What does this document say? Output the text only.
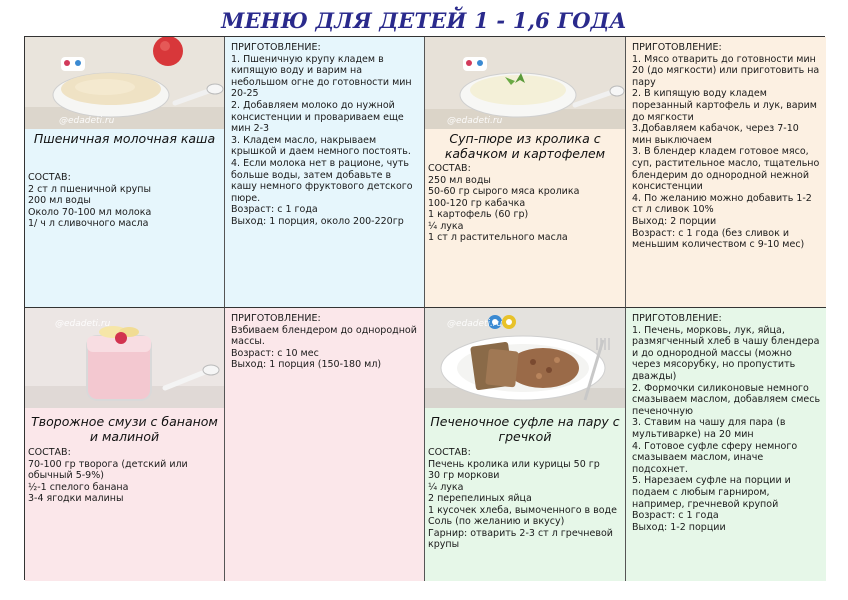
МЕНЮ ДЛЯ ДЕТЕЙ 1 - 1,6 ГОДА
@edadeti.ru
Пшеничная молочная каша
СОСТАВ:
2 ст л пшеничной крупы
200 мл воды
Около 70-100 мл молока
1/ ч л сливочного масла
ПРИГОТОВЛЕНИЕ:
1. Пшеничную крупу кладем в кипящую воду и варим на небольшом огне до готовности мин 20-25
2. Добавляем молоко до нужной консистенции и провариваем еще мин 2-3
3. Кладем масло, накрываем крышкой и даем немного постоять.
4. Если молока нет в рационе, чуть больше воды, затем добавьте в кашу немного фруктового детского пюре.
Возраст: с 1 года
Выход: 1 порция, около 200-220гр
@edadeti.ru
Суп-пюре из кролика с кабачком и картофелем
СОСТАВ:
250 мл воды
50-60 гр сырого мяса кролика
100-120 гр кабачка
1 картофель (60 гр)
¼ лука
1 ст л растительного масла
ПРИГОТОВЛЕНИЕ:
1. Мясо отварить до готовности мин 20 (до мягкости) или приготовить на пару
2. В кипящую воду кладем порезанный картофель и лук, варим до мягкости
3.Добавляем кабачок, через 7-10 мин выключаем
3. В блендер кладем готовое мясо, суп, растительное масло, тщательно блендерим до однородной нежной консистенции
4. По желанию можно добавить 1-2 ст л сливок 10%
Выход: 2 порции
Возраст: с 1 года (без сливок и меньшим количеством с 9-10 мес)
@edadeti.ru
Творожное смузи с бананом и малиной
СОСТАВ:
70-100 гр творога (детский или обычный 5-9%)
½-1 спелого банана
3-4 ягодки малины
ПРИГОТОВЛЕНИЕ:
Взбиваем блендером до однородной массы.
Возраст: с 10 мес
Выход: 1 порция (150-180 мл)
@edadeti.ru
Печеночное суфле на пару с гречкой
СОСТАВ:
Печень кролика или курицы 50 гр
30 гр моркови
¼ лука
2 перепелиных яйца
1 кусочек хлеба, вымоченного в воде
Соль (по желанию и вкусу)
Гарнир: отварить 2-3 ст л гречневой крупы
ПРИГОТОВЛЕНИЕ:
1. Печень, морковь, лук, яйца, размягченный хлеб в чашу блендера и до однородной массы (можно через мясорубку, но пропустить дважды)
2. Формочки силиконовые немного смазываем маслом, добавляем смесь печеночную
3. Ставим на чашу для пара (в мультиварке) на 20 мин
4. Готовое суфле сферу немного смазываем маслом, иначе подсохнет.
5. Нарезаем суфле на порции и подаем с любым гарниром, например, гречневой крупой
Возраст: с 1 года
Выход: 1-2 порции
